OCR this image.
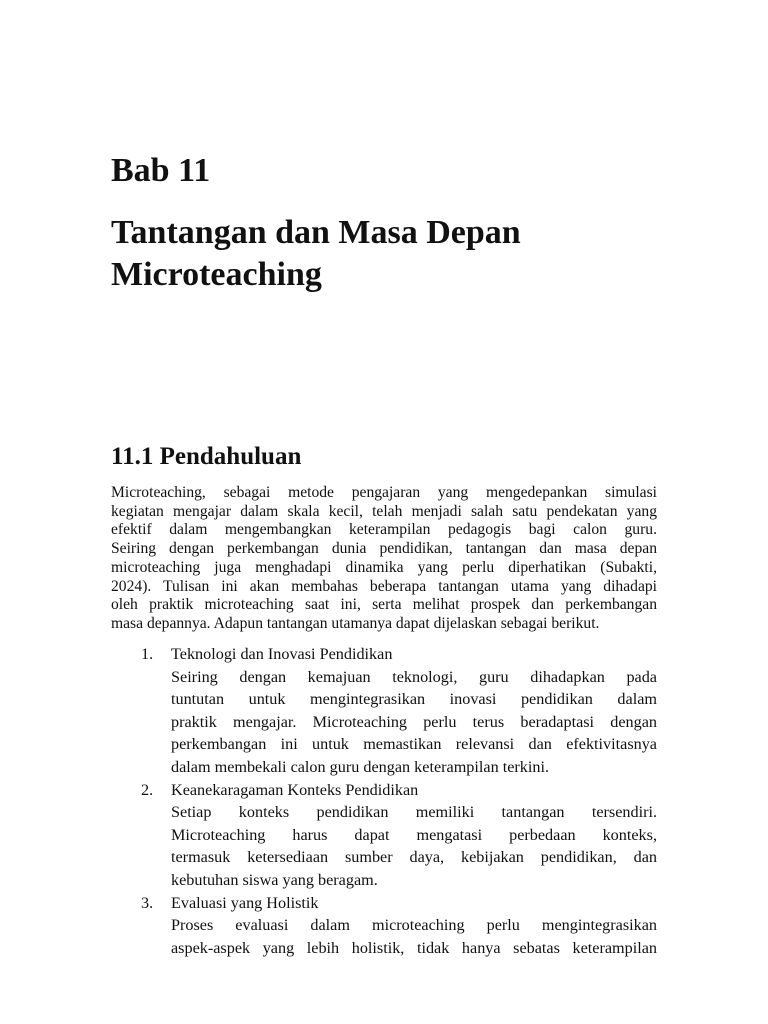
Bab 11
Tantangan dan Masa Depan
Microteaching
11.1 Pendahuluan
Microteaching, sebagai metode pengajaran yang mengedepankan simulasi
kegiatan mengajar dalam skala kecil, telah menjadi salah satu pendekatan yang
efektif dalam mengembangkan keterampilan pedagogis bagi calon guru.
Seiring dengan perkembangan dunia pendidikan, tantangan dan masa depan
microteaching juga menghadapi dinamika yang perlu diperhatikan (Subakti,
2024). Tulisan ini akan membahas beberapa tantangan utama yang dihadapi
oleh praktik microteaching saat ini, serta melihat prospek dan perkembangan
masa depannya. Adapun tantangan utamanya dapat dijelaskan sebagai berikut.
1. Teknologi dan Inovasi Pendidikan
Seiring dengan kemajuan teknologi, guru dihadapkan pada
tuntutan untuk mengintegrasikan inovasi pendidikan dalam
praktik mengajar. Microteaching perlu terus beradaptasi dengan
perkembangan ini untuk memastikan relevansi dan efektivitasnya
dalam membekali calon guru dengan keterampilan terkini.
2. Keanekaragaman Konteks Pendidikan
Setiap konteks pendidikan memiliki tantangan tersendiri.
Microteaching harus dapat mengatasi perbedaan konteks,
termasuk ketersediaan sumber daya, kebijakan pendidikan, dan
kebutuhan siswa yang beragam.
3. Evaluasi yang Holistik
Proses evaluasi dalam microteaching perlu mengintegrasikan
aspek-aspek yang lebih holistik, tidak hanya sebatas keterampilan
